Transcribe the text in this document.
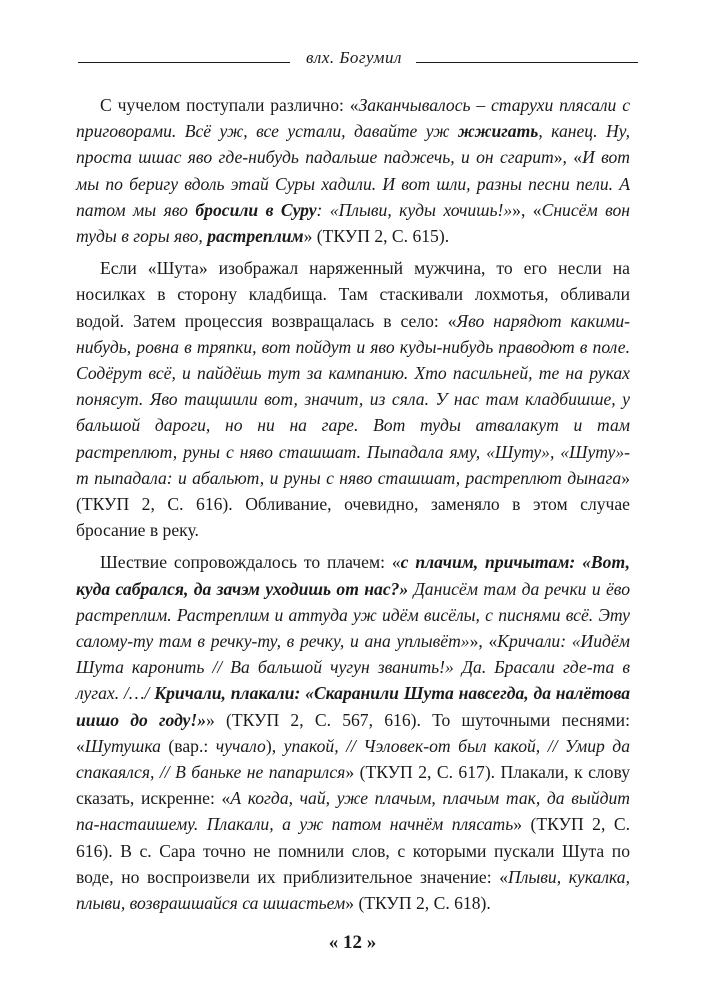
влх. Богумил

С чучелом поступали различно: «Заканчывалось – старухи плясали с приговорами. Всё уж, все устали, давайте уж жжигать, канец. Ну, проста шшас яво где-нибудь падальше паджечь, и он сгарит», «И вот мы по беригу вдоль этай Суры хадили. И вот шли, разны песни пели. А патом мы яво бросили в Суру: «Плыви, куды хочишь!»», «Снисём вон туды в горы яво, растреплим» (ТКУП 2, С. 615).

Если «Шута» изображал наряженный мужчина, то его несли на носилках в сторону кладбища. Там стаскивали лохмотья, обливали водой. Затем процессия возвращалась в село: «Яво нарядют какими-нибудь, ровна в тряпки, вот пойдут и яво куды-нибудь праводют в поле. Содёрут всё, и пайдёшь тут за кампанию. Хто пасильней, те на руках понясут. Яво тащшили вот, значит, из сяла. У нас там кладбишше, у бальшой дароги, но ни на гаре. Вот туды атвалакут и там растреплют, руны с няво сташшат. Пыпадала яму, «Шуту», «Шуту»-т пыпадала: и абальют, и руны с няво сташшат, растреплют дынага» (ТКУП 2, С. 616). Обливание, очевидно, заменяло в этом случае бросание в реку.

Шествие сопровождалось то плачем: «с плачим, причытам: «Вот, куда сабрался, да зачэм уходишь от нас?» Данисём там да речки и ёво растреплим. Растреплим и аттуда уж идём висёлы, с писнями всё. Эту салому-ту там в речку-ту, в речку, и ана уплывёт»», «Кричали: «Иидём Шута каронить // Ва бальшой чугун званить!» Да. Брасали где-та в лугах. /…/ Кричали, плакали: «Скаранили Шута навсегда, да налётова иишо до году!»» (ТКУП 2, С. 567, 616). То шуточными песнями: «Шутушка (вар.: чучало), упакой, // Чэловек-от был какой, // Умир да спакаялся, // В баньке не папарился» (ТКУП 2, С. 617). Плакали, к слову сказать, искренне: «А когда, чай, уже плачым, плачым так, да выйдит па-настаишему. Плакали, а уж патом начнём плясать» (ТКУП 2, С. 616). В с. Сара точно не помнили слов, с которыми пускали Шута по воде, но воспроизвели их приблизительное значение: «Плыви, кукалка, плыви, возврашшайся са шшастьем» (ТКУП 2, С. 618).

« 12 »
